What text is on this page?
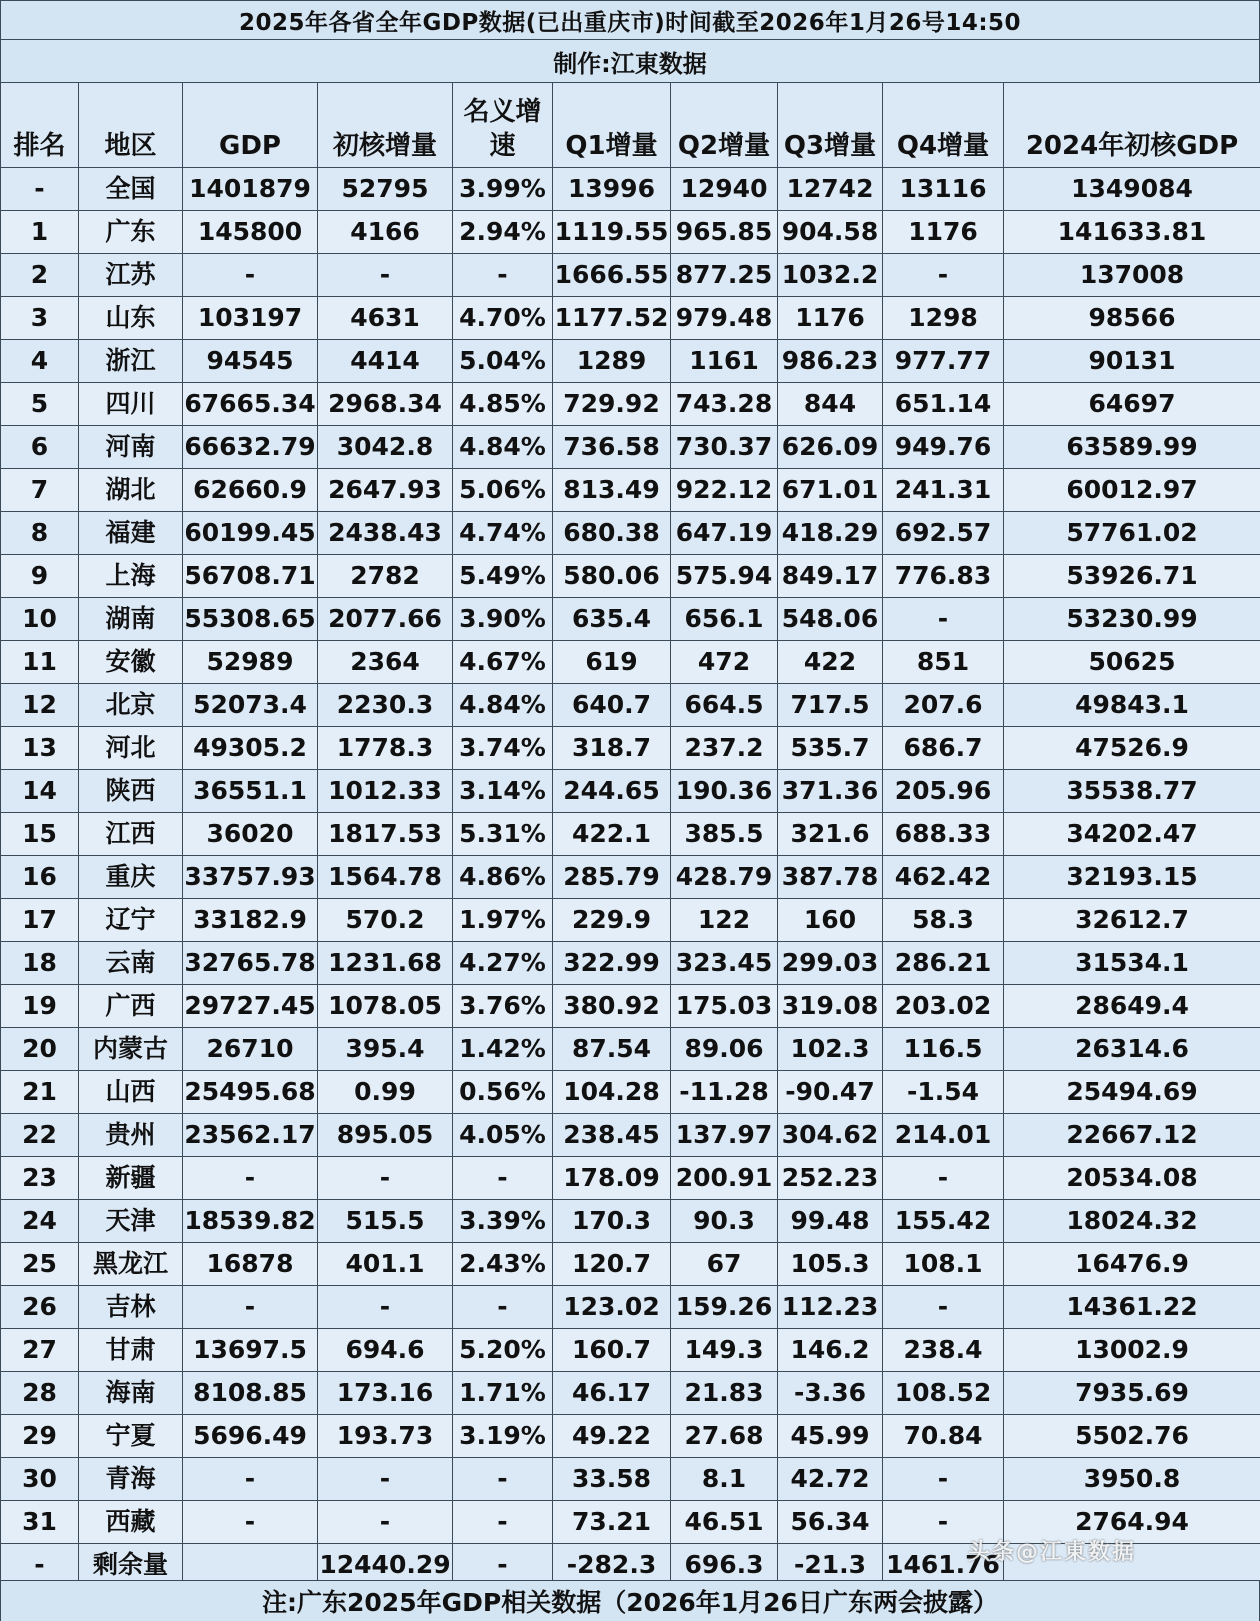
2025年各省全年GDP数据(已出重庆市)时间截至2026年1月26号14:50
制作:江東数据
排名	地区	GDP	初核增量	名义增速	Q1增量	Q2增量	Q3增量	Q4增量	2024年初核GDP
-	全国	1401879	52795	3.99%	13996	12940	12742	13116	1349084
1	广东	145800	4166	2.94%	1119.55	965.85	904.58	1176	141633.81
2	江苏	-	-	-	1666.55	877.25	1032.2	-	137008
3	山东	103197	4631	4.70%	1177.52	979.48	1176	1298	98566
4	浙江	94545	4414	5.04%	1289	1161	986.23	977.77	90131
5	四川	67665.34	2968.34	4.85%	729.92	743.28	844	651.14	64697
6	河南	66632.79	3042.8	4.84%	736.58	730.37	626.09	949.76	63589.99
7	湖北	62660.9	2647.93	5.06%	813.49	922.12	671.01	241.31	60012.97
8	福建	60199.45	2438.43	4.74%	680.38	647.19	418.29	692.57	57761.02
9	上海	56708.71	2782	5.49%	580.06	575.94	849.17	776.83	53926.71
10	湖南	55308.65	2077.66	3.90%	635.4	656.1	548.06	-	53230.99
11	安徽	52989	2364	4.67%	619	472	422	851	50625
12	北京	52073.4	2230.3	4.84%	640.7	664.5	717.5	207.6	49843.1
13	河北	49305.2	1778.3	3.74%	318.7	237.2	535.7	686.7	47526.9
14	陕西	36551.1	1012.33	3.14%	244.65	190.36	371.36	205.96	35538.77
15	江西	36020	1817.53	5.31%	422.1	385.5	321.6	688.33	34202.47
16	重庆	33757.93	1564.78	4.86%	285.79	428.79	387.78	462.42	32193.15
17	辽宁	33182.9	570.2	1.97%	229.9	122	160	58.3	32612.7
18	云南	32765.78	1231.68	4.27%	322.99	323.45	299.03	286.21	31534.1
19	广西	29727.45	1078.05	3.76%	380.92	175.03	319.08	203.02	28649.4
20	内蒙古	26710	395.4	1.42%	87.54	89.06	102.3	116.5	26314.6
21	山西	25495.68	0.99	0.56%	104.28	-11.28	-90.47	-1.54	25494.69
22	贵州	23562.17	895.05	4.05%	238.45	137.97	304.62	214.01	22667.12
23	新疆	-	-	-	178.09	200.91	252.23	-	20534.08
24	天津	18539.82	515.5	3.39%	170.3	90.3	99.48	155.42	18024.32
25	黑龙江	16878	401.1	2.43%	120.7	67	105.3	108.1	16476.9
26	吉林	-	-	-	123.02	159.26	112.23	-	14361.22
27	甘肃	13697.5	694.6	5.20%	160.7	149.3	146.2	238.4	13002.9
28	海南	8108.85	173.16	1.71%	46.17	21.83	-3.36	108.52	7935.69
29	宁夏	5696.49	193.73	3.19%	49.22	27.68	45.99	70.84	5502.76
30	青海	-	-	-	33.58	8.1	42.72	-	3950.8
31	西藏	-	-	-	73.21	46.51	56.34	-	2764.94
-	剩余量		12440.29	-	-282.3	696.3	-21.3	1461.76	
头条@江東数据
注:广东2025年GDP相关数据（2026年1月26日广东两会披露）
